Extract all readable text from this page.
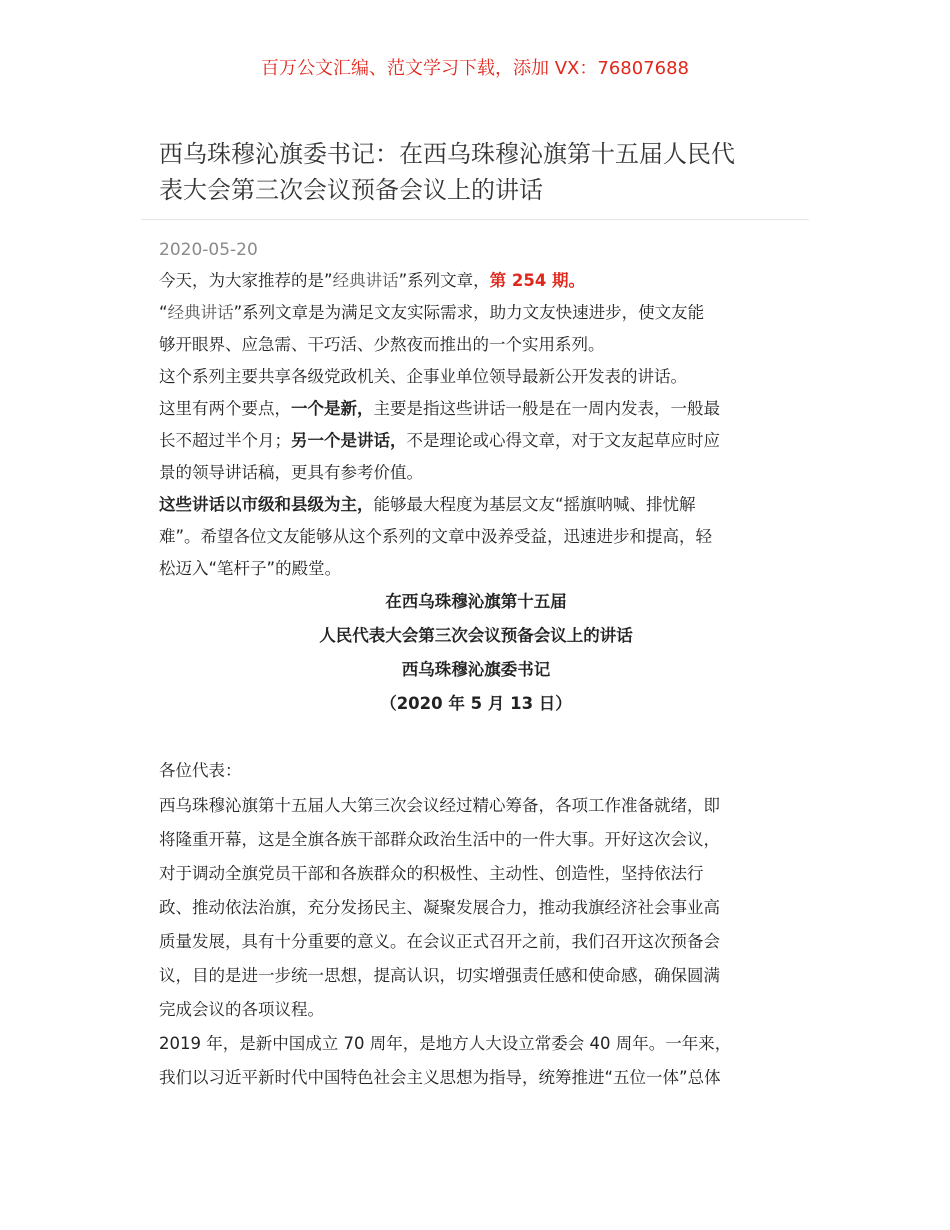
百万公文汇编、范文学习下载，添加 VX：76807688
西乌珠穆沁旗委书记：在西乌珠穆沁旗第十五届人民代
表大会第三次会议预备会议上的讲话
2020-05-20

今天，为大家推荐的是”经典讲话”系列文章，第 254 期。

“经典讲话”系列文章是为满足文友实际需求，助力文友快速进步，使文友能

够开眼界、应急需、干巧活、少熬夜而推出的一个实用系列。

这个系列主要共享各级党政机关、企事业单位领导最新公开发表的讲话。

这里有两个要点，一个是新，主要是指这些讲话一般是在一周内发表，一般最

长不超过半个月；另一个是讲话，不是理论或心得文章，对于文友起草应时应

景的领导讲话稿，更具有参考价值。

这些讲话以市级和县级为主，能够最大程度为基层文友“摇旗呐喊、排忧解

难”。希望各位文友能够从这个系列的文章中汲养受益，迅速进步和提高，轻

松迈入“笔杆子”的殿堂。

在西乌珠穆沁旗第十五届

人民代表大会第三次会议预备会议上的讲话

西乌珠穆沁旗委书记

（2020 年 5 月 13 日）

各位代表：

西乌珠穆沁旗第十五届人大第三次会议经过精心筹备，各项工作准备就绪，即

将隆重开幕，这是全旗各族干部群众政治生活中的一件大事。开好这次会议，

对于调动全旗党员干部和各族群众的积极性、主动性、创造性，坚持依法行

政、推动依法治旗，充分发扬民主、凝聚发展合力，推动我旗经济社会事业高

质量发展，具有十分重要的意义。在会议正式召开之前，我们召开这次预备会

议，目的是进一步统一思想，提高认识，切实增强责任感和使命感，确保圆满

完成会议的各项议程。

2019 年，是新中国成立 70 周年，是地方人大设立常委会 40 周年。一年来，

我们以习近平新时代中国特色社会主义思想为指导，统筹推进“五位一体”总体
